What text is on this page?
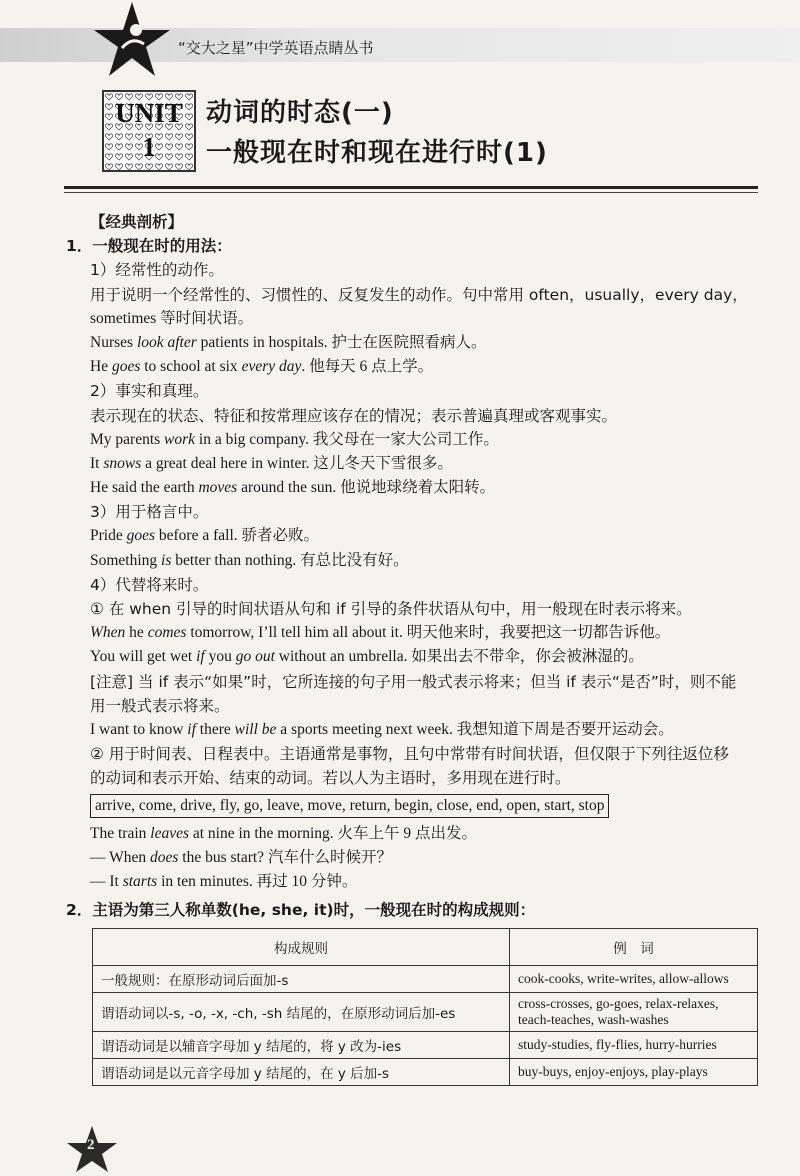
“交大之星”中学英语点睛丛书
UNIT
1
动词的时态(一)
一般现在时和现在进行时(1)
【经典剖析】
1．一般现在时的用法：
1）经常性的动作。
用于说明一个经常性的、习惯性的、反复发生的动作。句中常用 often，usually，every day，
sometimes 等时间状语。
Nurses look after patients in hospitals. 护士在医院照看病人。
He goes to school at six every day. 他每天 6 点上学。
2）事实和真理。
表示现在的状态、特征和按常理应该存在的情况；表示普遍真理或客观事实。
My parents work in a big company. 我父母在一家大公司工作。
It snows a great deal here in winter. 这儿冬天下雪很多。
He said the earth moves around the sun. 他说地球绕着太阳转。
3）用于格言中。
Pride goes before a fall. 骄者必败。
Something is better than nothing. 有总比没有好。
4）代替将来时。
① 在 when 引导的时间状语从句和 if 引导的条件状语从句中，用一般现在时表示将来。
When he comes tomorrow, I’ll tell him all about it. 明天他来时，我要把这一切都告诉他。
You will get wet if you go out without an umbrella. 如果出去不带伞，你会被淋湿的。
[注意] 当 if 表示“如果”时，它所连接的句子用一般式表示将来；但当 if 表示“是否”时，则不能
用一般式表示将来。
I want to know if there will be a sports meeting next week. 我想知道下周是否要开运动会。
② 用于时间表、日程表中。主语通常是事物，且句中常带有时间状语，但仅限于下列往返位移
的动词和表示开始、结束的动词。若以人为主语时，多用现在进行时。
arrive, come, drive, fly, go, leave, move, return, begin, close, end, open, start, stop
The train leaves at nine in the morning. 火车上午 9 点出发。
— When does the bus start? 汽车什么时候开？
— It starts in ten minutes. 再过 10 分钟。
2．主语为第三人称单数(he, she, it)时，一般现在时的构成规则：
构成规则	例　词
一般规则：在原形动词后面加-s	cook-cooks, write-writes, allow-allows
谓语动词以-s, -o, -x, -ch, -sh 结尾的，在原形动词后加-es	cross-crosses, go-goes, relax-relaxes, teach-teaches, wash-washes
谓语动词是以辅音字母加 y 结尾的，将 y 改为-ies	study-studies, fly-flies, hurry-hurries
谓语动词是以元音字母加 y 结尾的，在 y 后加-s	buy-buys, enjoy-enjoys, play-plays
2
